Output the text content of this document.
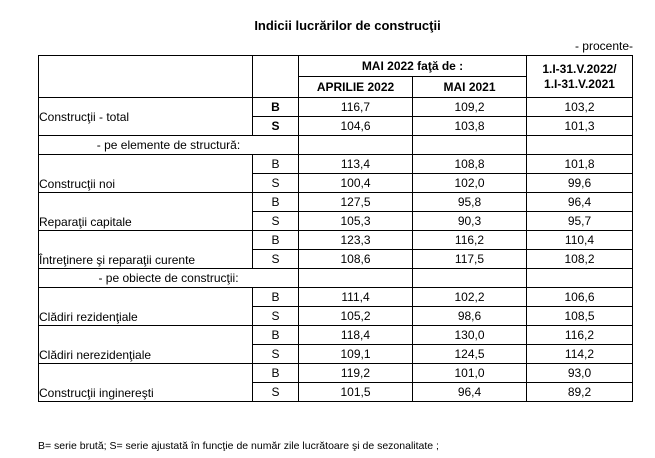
Indicii lucrărilor de construcţii
- procente-
		MAI 2022 faţă de :		1.I-31.V.2022/
1.I-31.V.2021

		APRILIE 2022	MAI 2021	
Construcţii - total	B	116,7	109,2	103,2
	S	104,6	103,8	101,3
- pe elemente de structură:				
Construcţii noi	B	113,4	108,8	101,8
	S	100,4	102,0	99,6
Reparaţii capitale	B	127,5	95,8	96,4
	S	105,3	90,3	95,7
Întreţinere şi reparaţii curente	B	123,3	116,2	110,4
	S	108,6	117,5	108,2
- pe obiecte de construcţii:				
Clădiri rezidenţiale	B	111,4	102,2	106,6
	S	105,2	98,6	108,5
Clădiri nerezidenţiale	B	118,4	130,0	116,2
	S	109,1	124,5	114,2
Construcţii inginereşti	B	119,2	101,0	93,0
	S	101,5	96,4	89,2
B= serie brută; S= serie ajustată în funcţie de număr zile lucrătoare şi de sezonalitate ;
